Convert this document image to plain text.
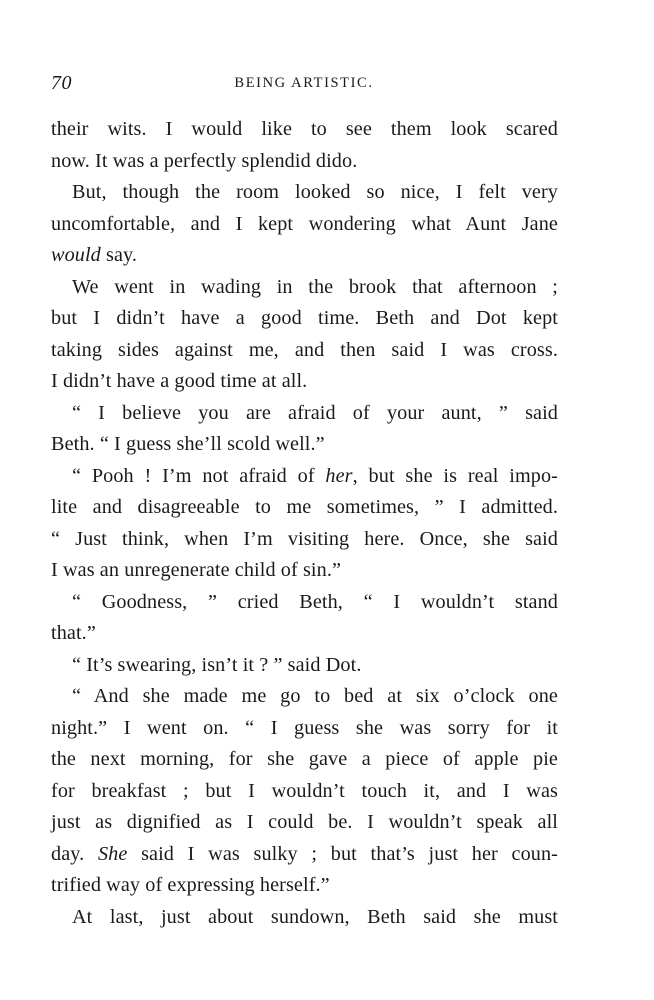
70	BEING ARTISTIC.
their wits. I would like to see them look scared
now. It was a perfectly splendid dido.
But, though the room looked so nice, I felt very
uncomfortable, and I kept wondering what Aunt Jane
would say.
We went in wading in the brook that afternoon ;
but I didn’t have a good time. Beth and Dot kept
taking sides against me, and then said I was cross.
I didn’t have a good time at all.
“ I believe you are afraid of your aunt, ” said
Beth. “ I guess she’ll scold well.”
“ Pooh ! I’m not afraid of her, but she is real impo-
lite and disagreeable to me sometimes, ” I admitted.
“ Just think, when I’m visiting here. Once, she said
I was an unregenerate child of sin.”
“ Goodness, ” cried Beth, “ I wouldn’t stand
that.”
“ It’s swearing, isn’t it ? ” said Dot.
“ And she made me go to bed at six o’clock one
night.” I went on. “ I guess she was sorry for it
the next morning, for she gave a piece of apple pie
for breakfast ; but I wouldn’t touch it, and I was
just as dignified as I could be. I wouldn’t speak all
day. She said I was sulky ; but that’s just her coun-
trified way of expressing herself.”
At last, just about sundown, Beth said she must
